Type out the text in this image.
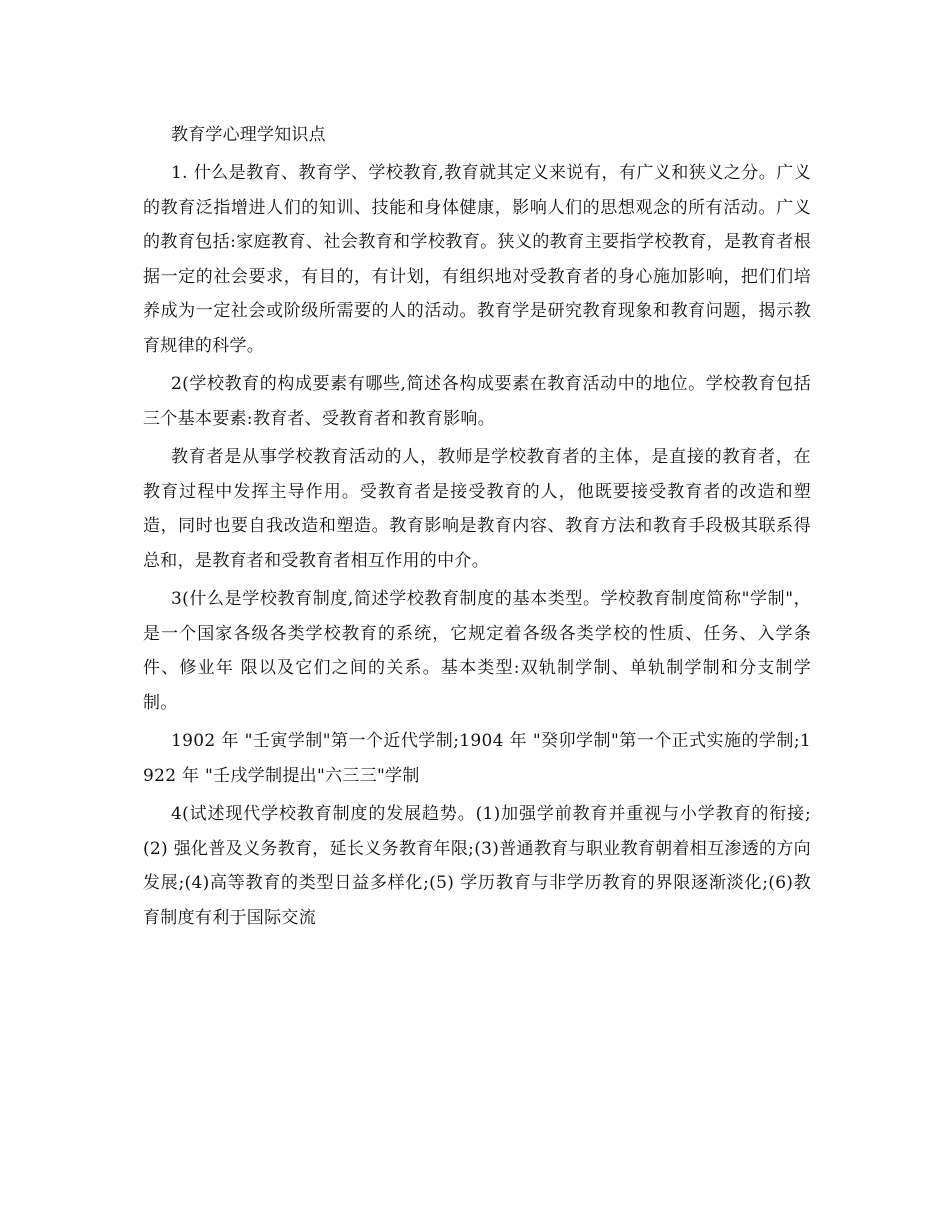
教育学心理学知识点

1. 什么是教育、教育学、学校教育,教育就其定义来说有，有广义和狭义之分。广义的教育泛指增进人们的知训、技能和身体健康，影响人们的思想观念的所有活动。广义的教育包括:家庭教育、社会教育和学校教育。狭义的教育主要指学校教育，是教育者根据一定的社会要求，有目的，有计划，有组织地对受教育者的身心施加影响，把们们培养成为一定社会或阶级所需要的人的活动。教育学是研究教育现象和教育问题，揭示教育规律的科学。

2(学校教育的构成要素有哪些,简述各构成要素在教育活动中的地位。学校教育包括三个基本要素:教育者、受教育者和教育影响。

教育者是从事学校教育活动的人，教师是学校教育者的主体，是直接的教育者，在教育过程中发挥主导作用。受教育者是接受教育的人，他既要接受教育者的改造和塑造，同时也要自我改造和塑造。教育影响是教育内容、教育方法和教育手段极其联系得总和，是教育者和受教育者相互作用的中介。

3(什么是学校教育制度,简述学校教育制度的基本类型。学校教育制度简称"学制"，是一个国家各级各类学校教育的系统，它规定着各级各类学校的性质、任务、入学条件、修业年 限以及它们之间的关系。基本类型:双轨制学制、单轨制学制和分支制学制。

1902 年 "壬寅学制"第一个近代学制;1904 年 "癸卯学制"第一个正式实施的学制;1922 年 "壬戌学制提出"六三三"学制

4(试述现代学校教育制度的发展趋势。(1)加强学前教育并重视与小学教育的衔接;(2) 强化普及义务教育，延长义务教育年限;(3)普通教育与职业教育朝着相互渗透的方向发展;(4)高等教育的类型日益多样化;(5) 学历教育与非学历教育的界限逐渐淡化;(6)教育制度有利于国际交流
